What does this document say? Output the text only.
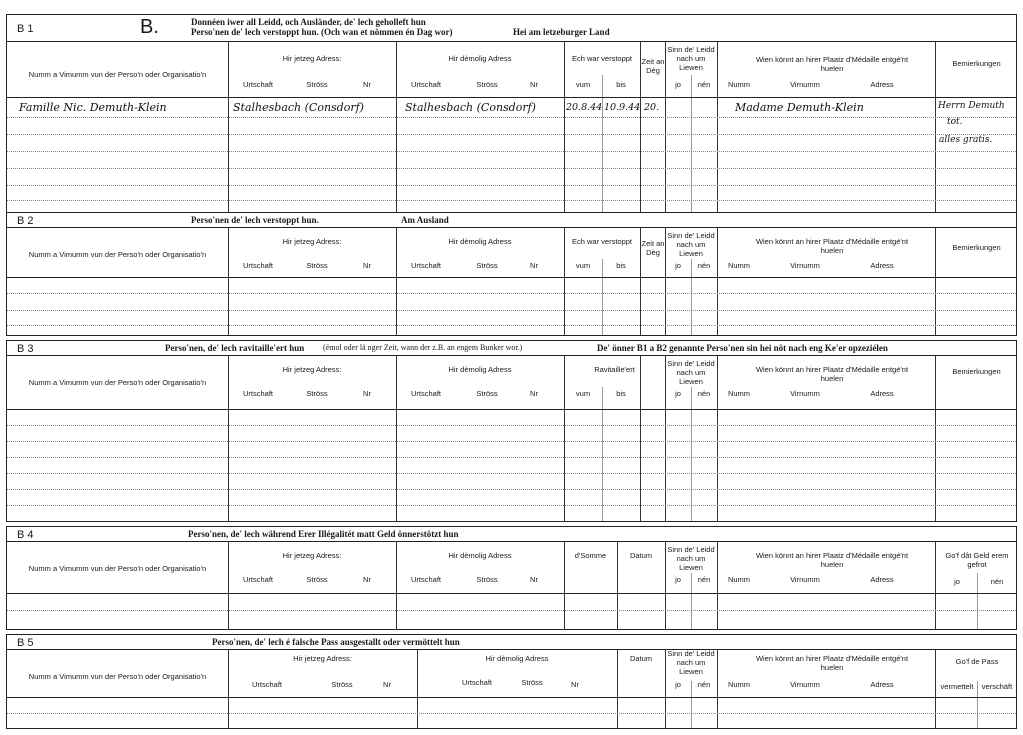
B 1	B.	Donnéen iwer all Leidd, och Ausländer, de' lech geholleft hun
Perso'nen de' lech verstoppt hun. (Och wan et nömmen én Dag wor)	Hei am letzeburger Land
Numm a Vimumm vun der Perso'n oder Organisatio'n
Hir jetzeg Adress:
Urtschaft	Ströss	Nr
Hir dèmolig Adress
Urtschaft	Ströss	Nr
Ech war verstoppt
vum	bis
Zeit an Dèg
Sinn de' Leidd nach um Liewen
jo	nén
Wien könnt an hirer Plaatz d'Médaille entgé'nt huelen
Numm	Virnumm	Adress
Bemierkungen
Famille Nic. Demuth-Klein	Stalhesbach (Consdorf)	Stalhesbach (Consdorf)	20.8.44 10.9.44 20.	Madame Demuth-Klein	Herrn Demuth
tot.
alles gratis.
B 2	Perso'nen de' lech verstoppt hun.	Am Ausland
Numm a Vimumm vun der Perso'n oder Organisatio'n
Hir jetzeg Adress:
Urtschaft	Ströss	Nr
Hir dèmolig Adress
Urtschaft	Ströss	Nr
Ech war verstoppt
vum	bis
Zeit an Dèg
Sinn de' Leidd nach um Liewen
jo	nén
Wien könnt an hirer Plaatz d'Médaille entgé'nt huelen
Numm	Virnumm	Adress
Bemierkungen
B 3	Perso'nen, de' lech ravitaille'ert hun (émol oder lä nger Zeit, wann der z.B. an engem Bunker wor.)	De' önner B1 a B2 genannte Perso'nen sin hei nöt nach eng Ke'er opzeziélen
Numm a Vimumm vun der Perso'n oder Organisatio'n
Hir jetzeg Adress:
Urtschaft	Ströss	Nr
Hir dèmolig Adress
Urtschaft	Ströss	Nr
Ravitaille'ert
vum	bis
Sinn de' Leidd nach um Liewen
jo	nén
Wien könnt an hirer Plaatz d'Médaille entgé'nt huelen
Numm	Virnumm	Adress
Bemierkungen
B 4	Perso'nen, de' lech während Erer Illégalitét matt Geld önnerstötzt hun
Numm a Vimumm vun der Perso'n oder Organisatio'n
Hir jetzeg Adress:
Urtschaft	Ströss	Nr
Hir dèmolig Adress
Urtschaft	Ströss	Nr
d'Somme	Datum
Sinn de' Leidd nach um Liewen
jo	nén
Wien könnt an hirer Plaatz d'Médaille entgé'nt huelen
Numm	Virnumm	Adress
Go'f dât Geld erem gefrot
jo	nén
B 5	Perso'nen, de' lech é falsche Pass ausgestallt oder vermöttelt hun
Numm a Vimumm vun der Perso'n oder Organisatio'n
Hir jetzeg Adress:
Urtschaft	Ströss	Nr
Hir dèmolig Adress
Urtschaft	Ströss	Nr
Datum
Sinn de' Leidd nach um Liewen
jo	nén
Wien könnt an hirer Plaatz d'Médaille entgé'nt huelen
Numm	Virnumm	Adress
Go'f de Pass
vermettelt	verschäft
